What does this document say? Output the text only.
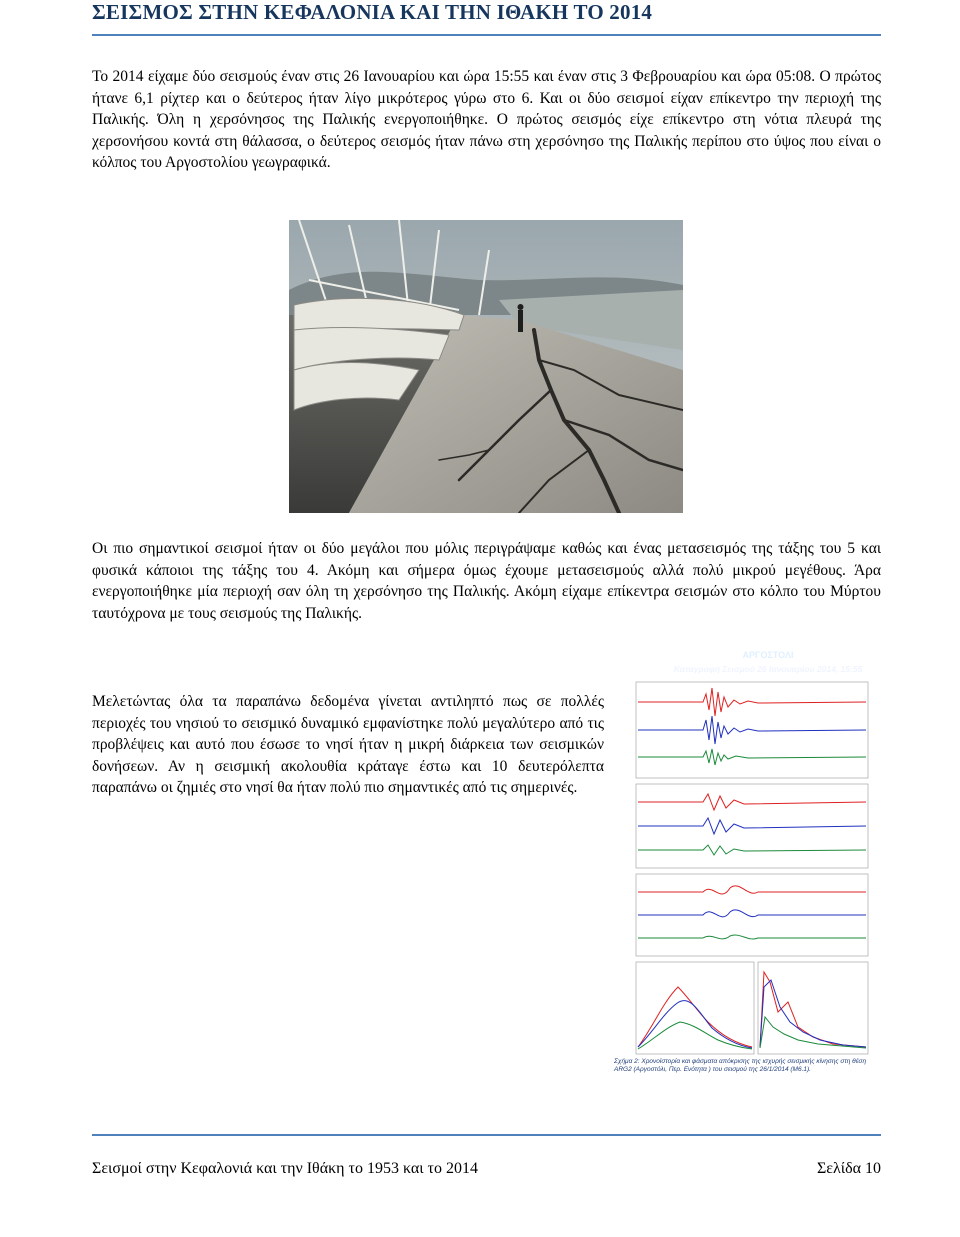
ΣΕΙΣΜΟΣ ΣΤΗΝ ΚΕΦΑΛΟΝΙΑ ΚΑΙ ΤΗΝ ΙΘΑΚΗ ΤΟ 2014

Το 2014 είχαμε δύο σεισμούς έναν στις 26 Ιανουαρίου και ώρα 15:55 και έναν στις 3 Φεβρουαρίου και ώρα 05:08. Ο πρώτος ήτανε 6,1 ρίχτερ και ο δεύτερος ήταν λίγο μικρότερος γύρω στο 6. Και οι δύο σεισμοί είχαν επίκεντρο την περιοχή της Παλικής. Όλη η χερσόνησος της Παλικής ενεργοποιήθηκε. Ο πρώτος σεισμός είχε επίκεντρο στη νότια πλευρά της χερσονήσου κοντά στη θάλασσα, ο δεύτερος σεισμός ήταν πάνω στη χερσόνησο της Παλικής περίπου στο ύψος που είναι ο κόλπος του Αργοστολίου γεωγραφικά.

Οι πιο σημαντικοί σεισμοί ήταν οι δύο μεγάλοι που μόλις περιγράψαμε καθώς και ένας μετασεισμός της τάξης του 5 και φυσικά κάποιοι της τάξης του 4. Ακόμη και σήμερα όμως έχουμε μετασεισμούς αλλά πολύ μικρού μεγέθους. Άρα ενεργοποιήθηκε μία περιοχή σαν όλη τη χερσόνησο της Παλικής. Ακόμη είχαμε επίκεντρα σεισμών στο κόλπο του Μύρτου ταυτόχρονα με τους σεισμούς της Παλικής.

Μελετώντας όλα τα παραπάνω δεδομένα γίνεται αντιληπτό πως σε πολλές περιοχές του νησιού το σεισμικό δυναμικό εμφανίστηκε πολύ μεγαλύτερο από τις προβλέψεις και αυτό που έσωσε το νησί ήταν η μικρή διάρκεια των σεισμικών δονήσεων. Αν η σεισμική ακολουθία κράταγε έστω και 10 δευτερόλεπτα παραπάνω οι ζημιές στο νησί θα ήταν πολύ πιο σημαντικές από τις σημερινές.

ΑΡΓΟΣΤΟΛΙ
Καταγραφή Σεισμού 26 Ιανουαρίου 2014, 15:55
Σχήμα 2: Χρονοϊστορία και φάσματα απόκρισης της ισχυρής σεισμικής κίνησης στη θέση ARG2 (Αργοστόλι, Περ. Ενότητα ) του σεισμού της 26/1/2014 (M6.1).
Σεισμοί στην Κεφαλονιά και την Ιθάκη το 1953 και το 2014	Σελίδα 10
